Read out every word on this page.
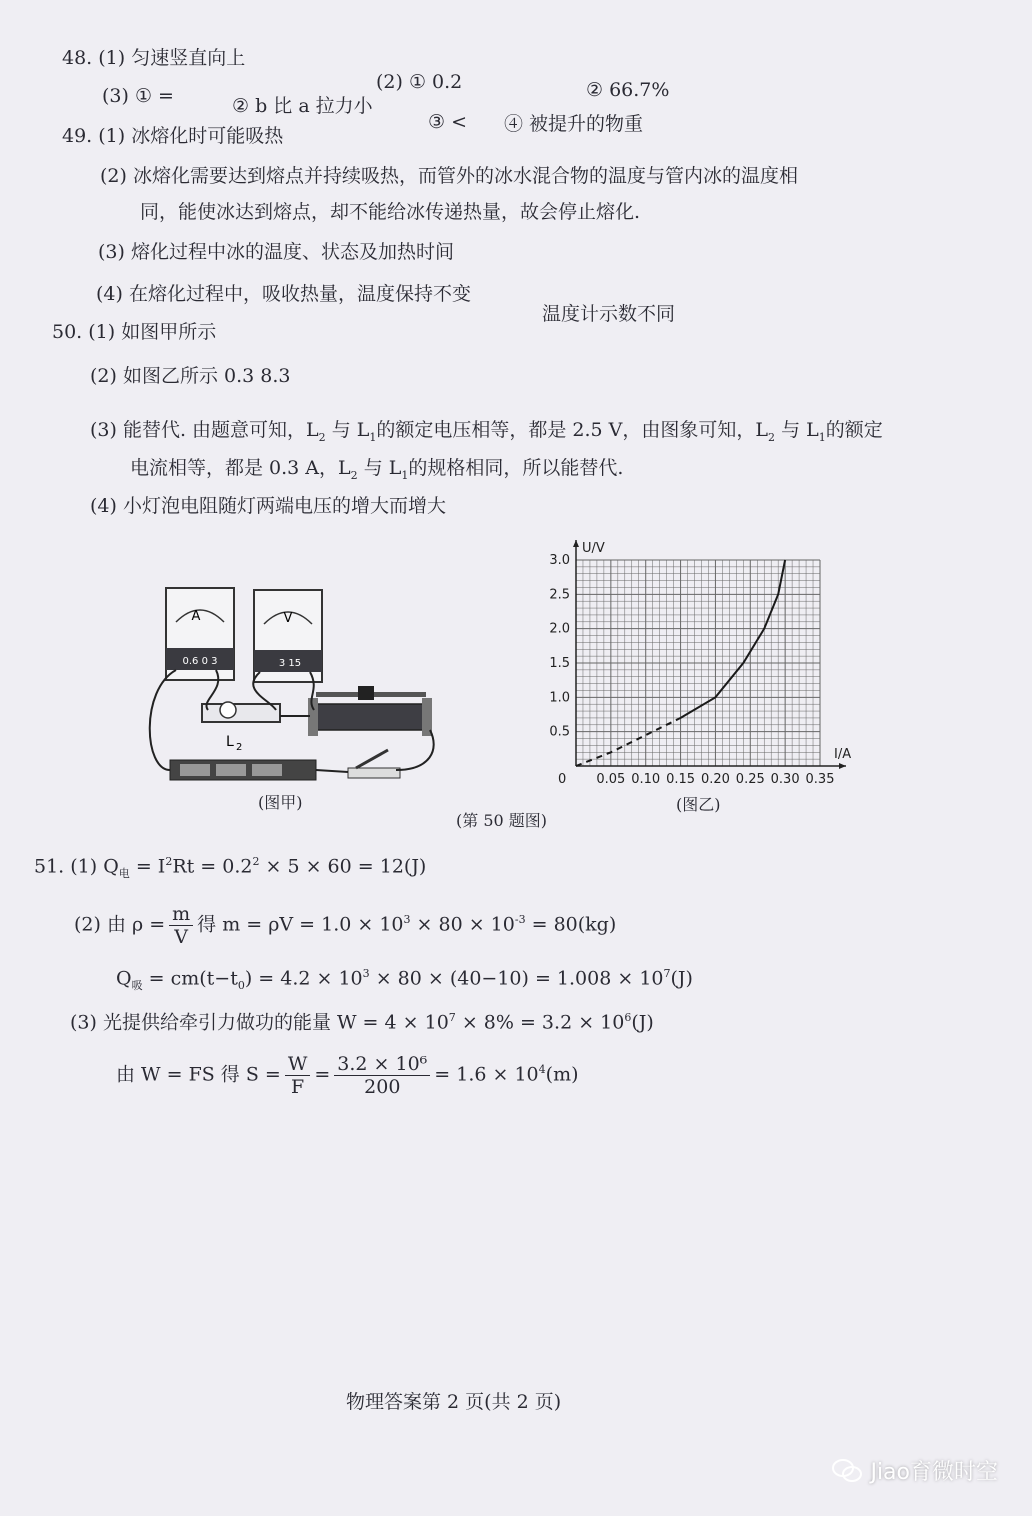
48. (1) 匀速竖直向上
(2) ① 0.2	② 66.7%
(3) ① =	② b 比 a 拉力小
③ < ④ 被提升的物重
49. (1) 冰熔化时可能吸热
(2) 冰熔化需要达到熔点并持续吸热，而管外的冰水混合物的温度与管内冰的温度相
同，能使冰达到熔点，却不能给冰传递热量，故会停止熔化.
(3) 熔化过程中冰的温度、状态及加热时间
(4) 在熔化过程中，吸收热量，温度保持不变
温度计示数不同
50. (1) 如图甲所示
(2) 如图乙所示 0.3 8.3
(3) 能替代. 由题意可知，$L_2$ 与 $L_1$的额定电压相等，都是 2.5 V，由图象可知，$L_2$ 与 $L_1$的额定
电流相等，都是 0.3 A，$L_2$ 与 $L_1$的规格相同，所以能替代.
(4) 小灯泡电阻随灯两端电压的增大而增大
A
0.6 0 3
V
3 15
L 2
(图甲)
0.05 0.10 0.15 0.20 0.25 0.30 0.35
0.5
1.0
1.5
2.0
2.5
3.0
0
I/A
U/V
(图乙)
(第 50 题图)
51. (1) $Q_电 = I^2Rt = 0.2^2 \times 5 \times 60 = 12(J)$
(2) 由 $\rho = \frac{m}{V}$ 得 $m = \rho V = 1.0 \times 10^3 \times 80 \times 10^{-3} = 80(kg)$
$Q_吸 = cm(t-t_0) = 4.2 \times 10^3 \times 80 \times (40-10) = 1.008 \times 10^7(J)$
(3) 光提供给牵引力做功的能量 $W = 4 \times 10^7 \times 8\% = 3.2 \times 10^6(J)$
由 W = FS 得 $S = \frac{W}{F} = \frac{\text{3.2 × 10⁶}}{200} = 1.6 \times 10^4(m)$
物理答案第 2 页(共 2 页)
Jiao育微时空
